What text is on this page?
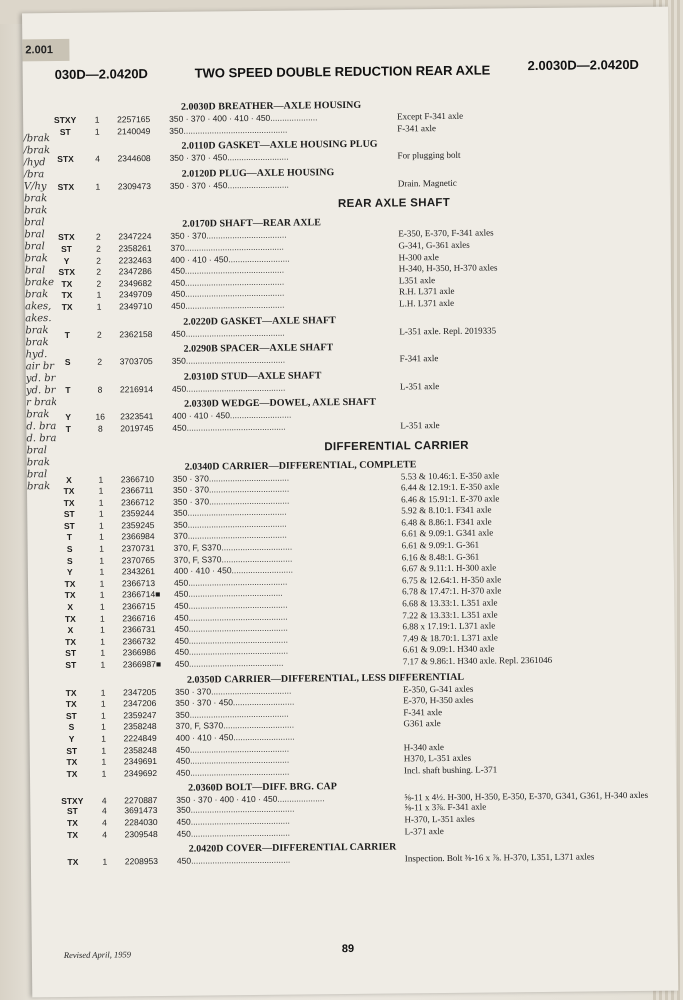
2.001
/brak
/brak
/hyd
/bra
V/hy
brak
brak
bral
bral
bral
brak
bral
brake
brak
akes,
akes.
brak
brak
hyd.
air br
yd. br
yd. br
r brak
brak
d. bra
d. bra
bral
brak
bral
brak
030D—2.0420D	TWO SPEED DOUBLE REDUCTION REAR AXLE	2.0030D—2.0420D
2.0030D BREATHER—AXLE HOUSING
STXY	1	2257165	350 · 370 · 400 · 410 · 450....................	Except F-341 axle
ST	1	2140049	350............................................	F-341 axle
2.0110D GASKET—AXLE HOUSING PLUG
STX	4	2344608	350 · 370 · 450..........................	For plugging bolt
2.0120D PLUG—AXLE HOUSING
STX	1	2309473	350 · 370 · 450..........................	Drain. Magnetic
REAR AXLE SHAFT
2.0170D SHAFT—REAR AXLE
STX	2	2347224	350 · 370..................................	E-350, E-370, F-341 axles
ST	2	2358261	370..........................................	G-341, G-361 axles
Y	2	2232463	400 · 410 · 450..........................	H-300 axle
STX	2	2347286	450..........................................	H-340, H-350, H-370 axles
TX	2	2349682	450..........................................	L351 axle
TX	1	2349709	450..........................................	R.H. L371 axle
TX	1	2349710	450..........................................	L.H. L371 axle
2.0220D GASKET—AXLE SHAFT
T	2	2362158	450..........................................	L-351 axle. Repl. 2019335
2.0290B SPACER—AXLE SHAFT
S	2	3703705	350..........................................	F-341 axle
2.0310D STUD—AXLE SHAFT
T	8	2216914	450..........................................	L-351 axle
2.0330D WEDGE—DOWEL, AXLE SHAFT
Y	16	2323541	400 · 410 · 450..........................
T	8	2019745	450..........................................	L-351 axle
DIFFERENTIAL CARRIER
2.0340D CARRIER—DIFFERENTIAL, COMPLETE
X	1	2366710	350 · 370..................................	5.53 & 10.46:1. E-350 axle
TX	1	2366711	350 · 370..................................	6.44 & 12.19:1. E-350 axle
TX	1	2366712	350 · 370..................................	6.46 & 15.91:1. E-370 axle
ST	1	2359244	350..........................................	5.92 & 8.10:1. F341 axle
ST	1	2359245	350..........................................	6.48 & 8.86:1. F341 axle
T	1	2366984	370..........................................	6.61 & 9.09:1. G341 axle
S	1	2370731	370, F, S370..............................	6.61 & 9.09:1. G-361
S	1	2370765	370, F, S370..............................	6.16 & 8.48:1. G-361
Y	1	2343261	400 · 410 · 450..........................	6.67 & 9.11:1. H-300 axle
TX	1	2366713	450..........................................	6.75 & 12.64:1. H-350 axle
TX	1	2366714■	450........................................	6.78 & 17.47:1. H-370 axle
X	1	2366715	450..........................................	6.68 & 13.33:1. L351 axle
TX	1	2366716	450..........................................	7.22 & 13.33:1. L351 axle
X	1	2366731	450..........................................	6.88 x 17.19:1. L371 axle
TX	1	2366732	450..........................................	7.49 & 18.70:1. L371 axle
ST	1	2366986	450..........................................	6.61 & 9.09:1. H340 axle
ST	1	2366987■	450........................................	7.17 & 9.86:1. H340 axle. Repl. 2361046
2.0350D CARRIER—DIFFERENTIAL, LESS DIFFERENTIAL
TX	1	2347205	350 · 370..................................	E-350, G-341 axles
TX	1	2347206	350 · 370 · 450..........................	E-370, H-350 axles
ST	1	2359247	350..........................................	F-341 axle
S	1	2358248	370, F, S370..............................	G361 axle
Y	1	2224849	400 · 410 · 450..........................
ST	1	2358248	450..........................................	H-340 axle
TX	1	2349691	450..........................................	H370, L-351 axles
TX	1	2349692	450..........................................	Incl. shaft bushing. L-371
2.0360D BOLT—DIFF. BRG. CAP
STXY	4	2270887	350 · 370 · 400 · 410 · 450....................	⅝-11 x 4½. H-300, H-350, E-350, E-370, G341, G361, H-340 axles
ST	4	3691473	350............................................	⅝-11 x 3⅞. F-341 axle
TX	4	2284030	450..........................................	H-370, L-351 axles
TX	4	2309548	450..........................................	L-371 axle
2.0420D COVER—DIFFERENTIAL CARRIER
TX	1	2208953	450..........................................	Inspection. Bolt ⅜-16 x ⅞. H-370, L351, L371 axles
Revised April, 1959	89
